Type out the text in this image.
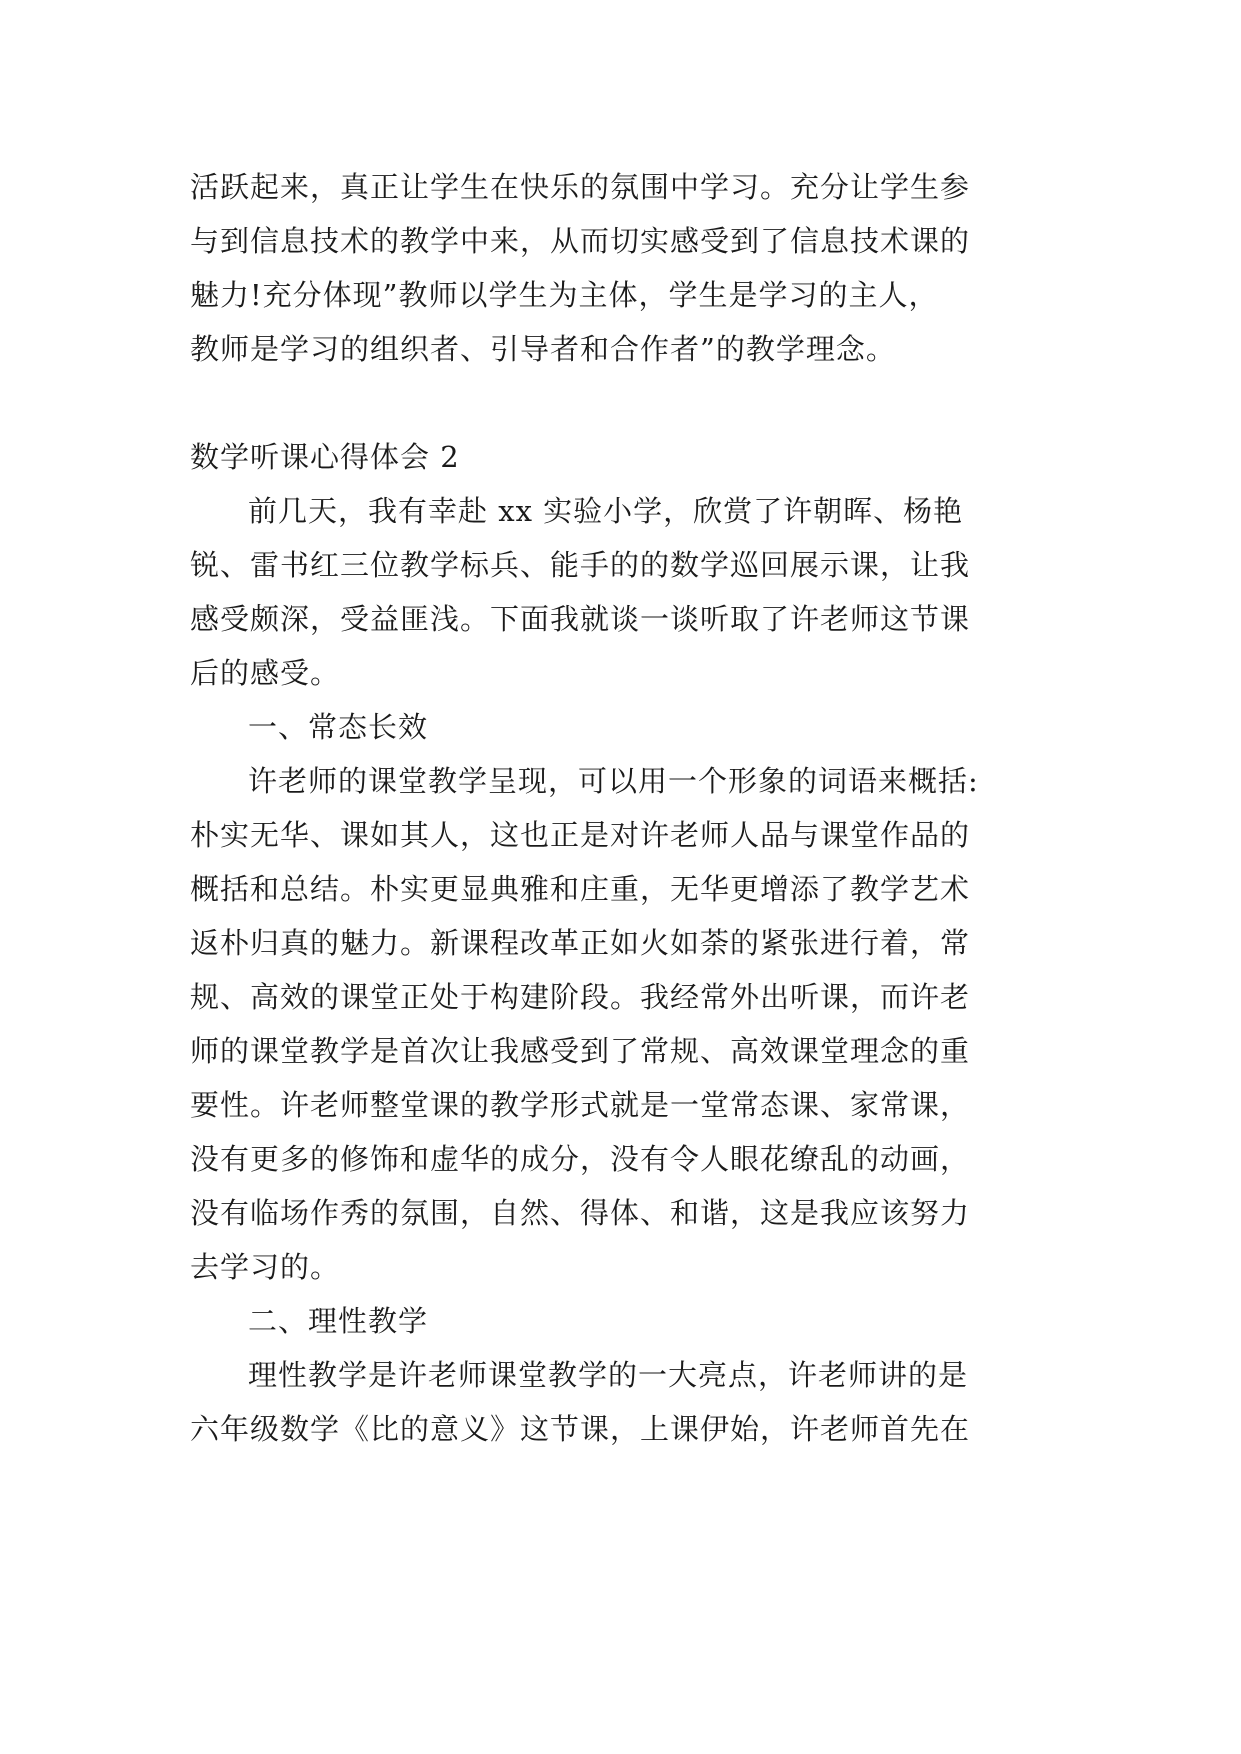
活跃起来，真正让学生在快乐的氛围中学习。充分让学生参
与到信息技术的教学中来，从而切实感受到了信息技术课的
魅力!充分体现”教师以学生为主体，学生是学习的主人，
教师是学习的组织者、引导者和合作者”的教学理念。
数学听课心得体会 2
前几天，我有幸赴 xx 实验小学，欣赏了许朝晖、杨艳
锐、雷书红三位教学标兵、能手的的数学巡回展示课，让我
感受颇深，受益匪浅。下面我就谈一谈听取了许老师这节课
后的感受。
一、常态长效
许老师的课堂教学呈现，可以用一个形象的词语来概括:
朴实无华、课如其人，这也正是对许老师人品与课堂作品的
概括和总结。朴实更显典雅和庄重，无华更增添了教学艺术
返朴归真的魅力。新课程改革正如火如荼的紧张进行着，常
规、高效的课堂正处于构建阶段。我经常外出听课，而许老
师的课堂教学是首次让我感受到了常规、高效课堂理念的重
要性。许老师整堂课的教学形式就是一堂常态课、家常课，
没有更多的修饰和虚华的成分，没有令人眼花缭乱的动画，
没有临场作秀的氛围，自然、得体、和谐，这是我应该努力
去学习的。
二、理性教学
理性教学是许老师课堂教学的一大亮点，许老师讲的是
六年级数学《比的意义》这节课，上课伊始，许老师首先在
